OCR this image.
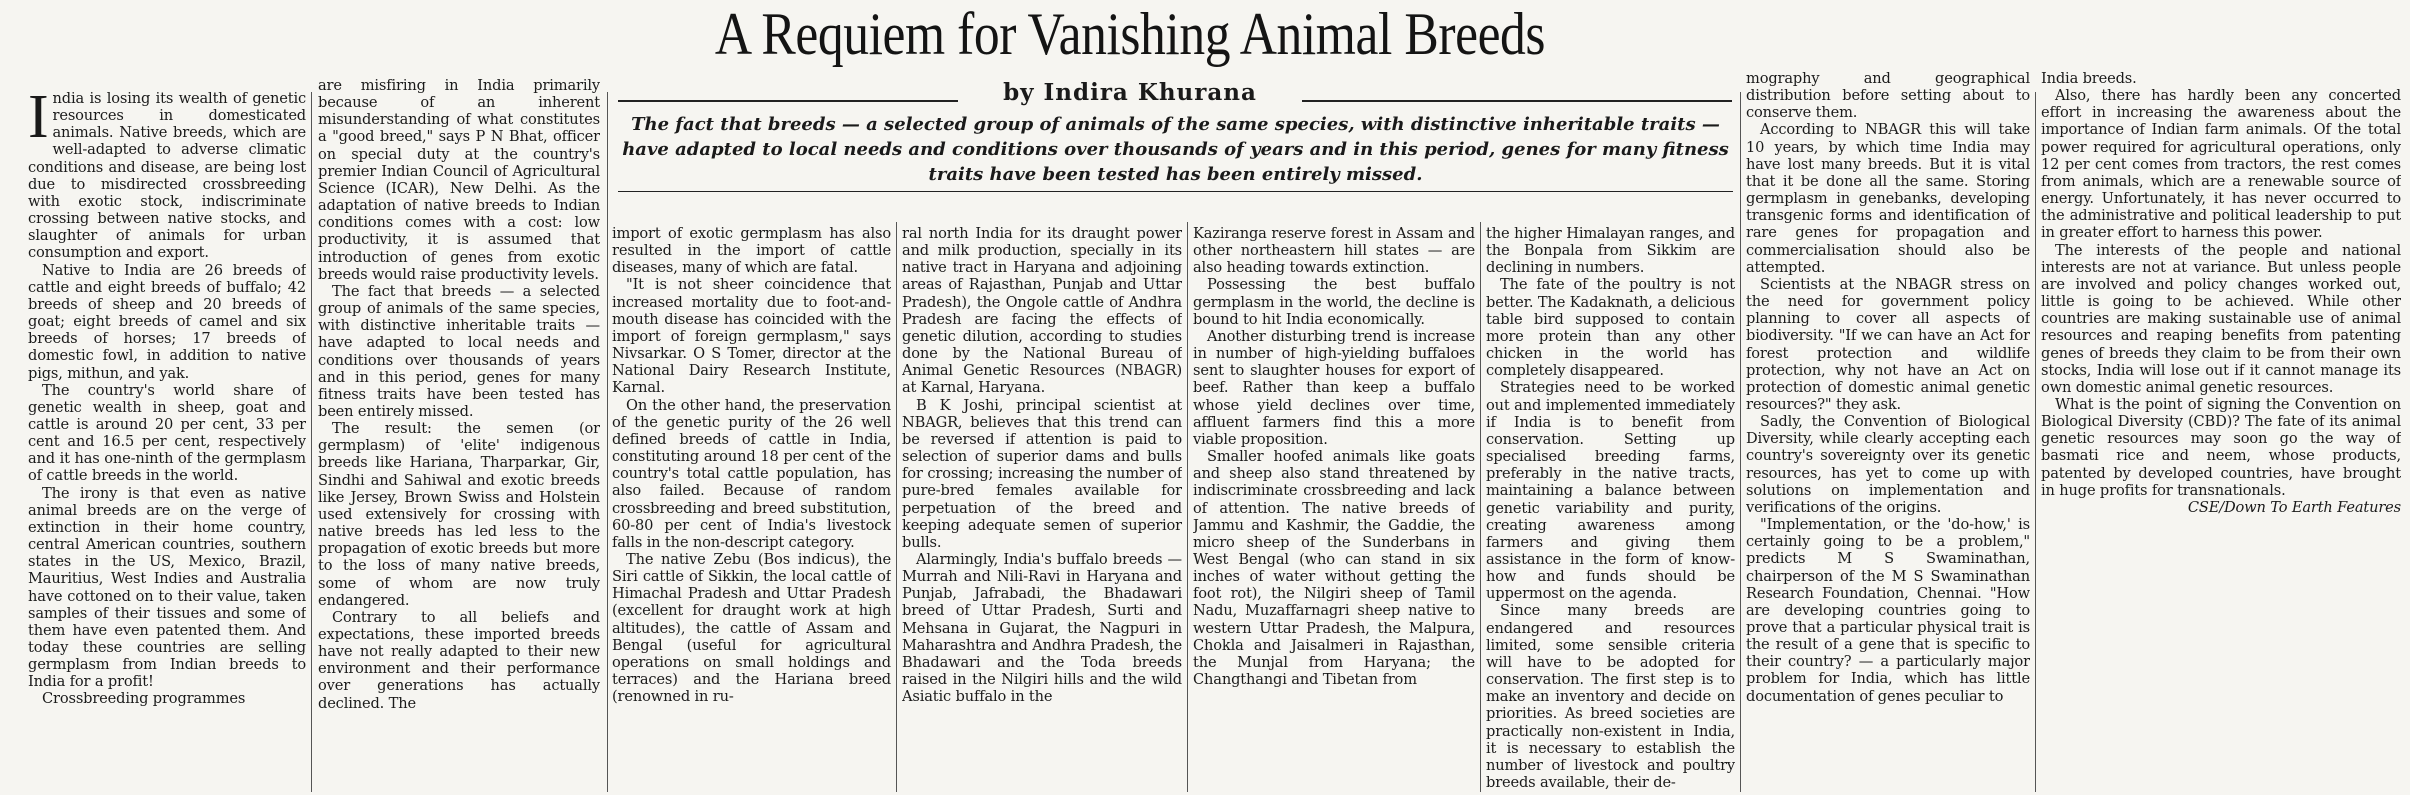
A Requiem for Vanishing Animal Breeds
by Indira Khurana
The fact that breeds — a selected group of animals of the same species, with distinctive inheritable traits — have adapted to local needs and conditions over thousands of years and in this period, genes for many fitness traits have been tested has been entirely missed.
I ndia is losing its wealth of genetic resources in domesticated animals. Native breeds, which are well-adapted to adverse climatic conditions and disease, are being lost due to misdirected crossbreeding with exotic stock, indiscriminate crossing between native stocks, and slaughter of animals for urban consumption and export.

Native to India are 26 breeds of cattle and eight breeds of buffalo; 42 breeds of sheep and 20 breeds of goat; eight breeds of camel and six breeds of horses; 17 breeds of domestic fowl, in addition to native pigs, mithun, and yak.

The country's world share of genetic wealth in sheep, goat and cattle is around 20 per cent, 33 per cent and 16.5 per cent, respectively and it has one-ninth of the germplasm of cattle breeds in the world.

The irony is that even as native animal breeds are on the verge of extinction in their home country, central American countries, southern states in the US, Mexico, Brazil, Mauritius, West Indies and Australia have cottoned on to their value, taken samples of their tissues and some of them have even patented them. And today these countries are selling germplasm from Indian breeds to India for a profit!

Crossbreeding programmes

are misfiring in India primarily because of an inherent misunderstanding of what constitutes a "good breed," says P N Bhat, officer on special duty at the country's premier Indian Council of Agricultural Science (ICAR), New Delhi. As the adaptation of native breeds to Indian conditions comes with a cost: low productivity, it is assumed that introduction of genes from exotic breeds would raise productivity levels.

The fact that breeds — a selected group of animals of the same species, with distinctive inheritable traits — have adapted to local needs and conditions over thousands of years and in this period, genes for many fitness traits have been tested has been entirely missed.

The result: the semen (or germplasm) of 'elite' indigenous breeds like Hariana, Tharparkar, Gir, Sindhi and Sahiwal and exotic breeds like Jersey, Brown Swiss and Holstein used extensively for crossing with native breeds has led less to the propagation of exotic breeds but more to the loss of many native breeds, some of whom are now truly endangered.

Contrary to all beliefs and expectations, these imported breeds have not really adapted to their new environment and their performance over generations has actually declined. The

import of exotic germplasm has also resulted in the import of cattle diseases, many of which are fatal.

"It is not sheer coincidence that increased mortality due to foot-and-mouth disease has coincided with the import of foreign germplasm," says Nivsarkar. O S Tomer, director at the National Dairy Research Institute, Karnal.

On the other hand, the preservation of the genetic purity of the 26 well defined breeds of cattle in India, constituting around 18 per cent of the country's total cattle population, has also failed. Because of random crossbreeding and breed substitution, 60-80 per cent of India's livestock falls in the non-descript category.

The native Zebu (Bos indicus), the Siri cattle of Sikkin, the local cattle of Himachal Pradesh and Uttar Pradesh (excellent for draught work at high altitudes), the cattle of Assam and Bengal (useful for agricultural operations on small holdings and terraces) and the Hariana breed (renowned in ru-

ral north India for its draught power and milk production, specially in its native tract in Haryana and adjoining areas of Rajasthan, Punjab and Uttar Pradesh), the Ongole cattle of Andhra Pradesh are facing the effects of genetic dilution, according to studies done by the National Bureau of Animal Genetic Resources (NBAGR) at Karnal, Haryana.

B K Joshi, principal scientist at NBAGR, believes that this trend can be reversed if attention is paid to selection of superior dams and bulls for crossing; increasing the number of pure-bred females available for perpetuation of the breed and keeping adequate semen of superior bulls.

Alarmingly, India's buffalo breeds — Murrah and Nili-Ravi in Haryana and Punjab, Jafrabadi, the Bhadawari breed of Uttar Pradesh, Surti and Mehsana in Gujarat, the Nagpuri in Maharashtra and Andhra Pradesh, the Bhadawari and the Toda breeds raised in the Nilgiri hills and the wild Asiatic buffalo in the

Kaziranga reserve forest in Assam and other northeastern hill states — are also heading towards extinction.

Possessing the best buffalo germplasm in the world, the decline is bound to hit India economically.

Another disturbing trend is increase in number of high-yielding buffaloes sent to slaughter houses for export of beef. Rather than keep a buffalo whose yield declines over time, affluent farmers find this a more viable proposition.

Smaller hoofed animals like goats and sheep also stand threatened by indiscriminate crossbreeding and lack of attention. The native breeds of Jammu and Kashmir, the Gaddie, the micro sheep of the Sunderbans in West Bengal (who can stand in six inches of water without getting the foot rot), the Nilgiri sheep of Tamil Nadu, Muzaffarnagri sheep native to western Uttar Pradesh, the Malpura, Chokla and Jaisalmeri in Rajasthan, the Munjal from Haryana; the Changthangi and Tibetan from

the higher Himalayan ranges, and the Bonpala from Sikkim are declining in numbers.

The fate of the poultry is not better. The Kadaknath, a delicious table bird supposed to contain more protein than any other chicken in the world has completely disappeared.

Strategies need to be worked out and implemented immediately if India is to benefit from conservation. Setting up specialised breeding farms, preferably in the native tracts, maintaining a balance between genetic variability and purity, creating awareness among farmers and giving them assistance in the form of know-how and funds should be uppermost on the agenda.

Since many breeds are endangered and resources limited, some sensible criteria will have to be adopted for conservation. The first step is to make an inventory and decide on priorities. As breed societies are practically non-existent in India, it is necessary to establish the number of livestock and poultry breeds available, their de-

mography and geographical distribution before setting about to conserve them.

According to NBAGR this will take 10 years, by which time India may have lost many breeds. But it is vital that it be done all the same. Storing germplasm in genebanks, developing transgenic forms and identification of rare genes for propagation and commercialisation should also be attempted.

Scientists at the NBAGR stress on the need for government policy planning to cover all aspects of biodiversity. "If we can have an Act for forest protection and wildlife protection, why not have an Act on protection of domestic animal genetic resources?" they ask.

Sadly, the Convention of Biological Diversity, while clearly accepting each country's sovereignty over its genetic resources, has yet to come up with solutions on implementation and verifications of the origins.

"Implementation, or the 'do-how,' is certainly going to be a problem," predicts M S Swaminathan, chairperson of the M S Swaminathan Research Foundation, Chennai. "How are developing countries going to prove that a particular physical trait is the result of a gene that is specific to their country? — a particularly major problem for India, which has little documentation of genes peculiar to

India breeds.

Also, there has hardly been any concerted effort in increasing the awareness about the importance of Indian farm animals. Of the total power required for agricultural operations, only 12 per cent comes from tractors, the rest comes from animals, which are a renewable source of energy. Unfortunately, it has never occurred to the administrative and political leadership to put in greater effort to harness this power.

The interests of the people and national interests are not at variance. But unless people are involved and policy changes worked out, little is going to be achieved. While other countries are making sustainable use of animal resources and reaping benefits from patenting genes of breeds they claim to be from their own stocks, India will lose out if it cannot manage its own domestic animal genetic resources.

What is the point of signing the Convention on Biological Diversity (CBD)? The fate of its animal genetic resources may soon go the way of basmati rice and neem, whose products, patented by developed countries, have brought in huge profits for transnationals.

CSE/Down To Earth Features
